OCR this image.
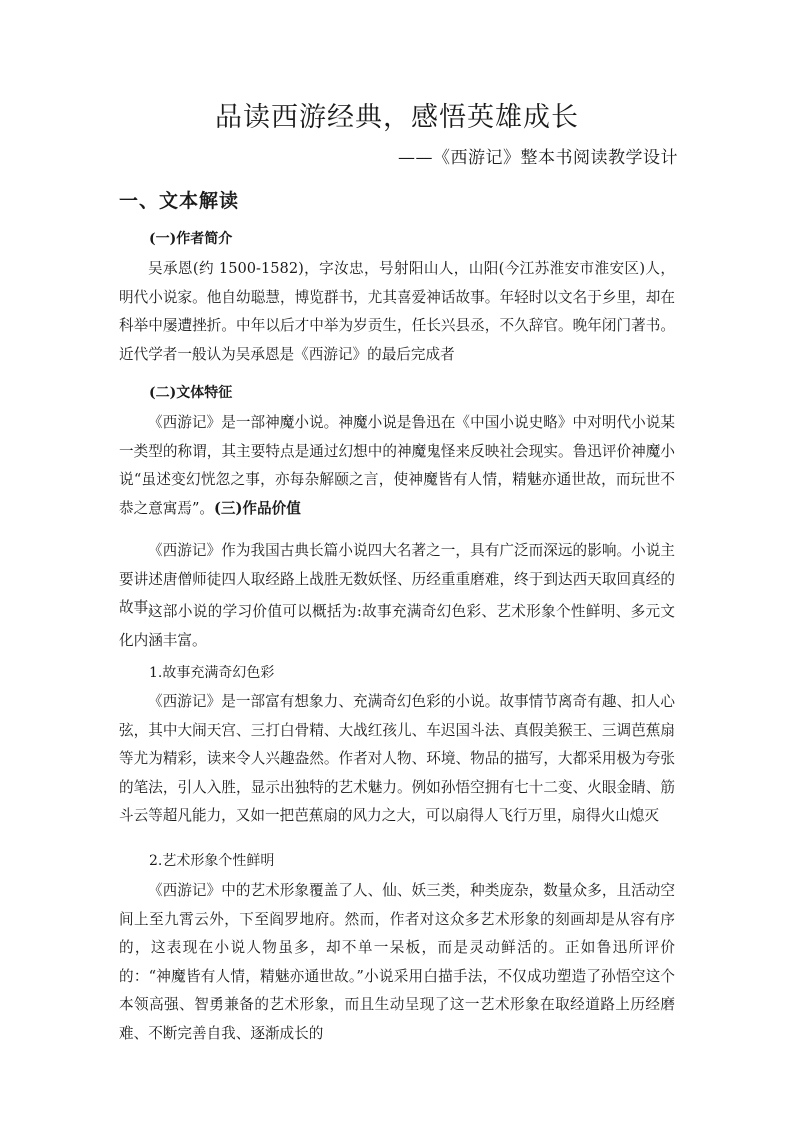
品读西游经典，感悟英雄成长

——《西游记》整本书阅读教学设计

一、文本解读

(一)作者简介

吴承恩(约 1500-1582)，字汝忠，号射阳山人，山阳(今江苏淮安市淮安区)人，明代小说家。他自幼聪慧，博览群书，尤其喜爱神话故事。年轻时以文名于乡里，却在科举中屡遭挫折。中年以后才中举为岁贡生，任长兴县丞，不久辞官。晚年闭门著书。近代学者一般认为吴承恩是《西游记》的最后完成者

(二)文体特征

《西游记》是一部神魔小说。神魔小说是鲁迅在《中国小说史略》中对明代小说某一类型的称谓，其主要特点是通过幻想中的神魔鬼怪来反映社会现实。鲁迅评价神魔小说“虽述变幻恍忽之事，亦每杂解颐之言，使神魔皆有人情，精魅亦通世故，而玩世不恭之意寓焉”。(三)作品价值

《西游记》作为我国古典长篇小说四大名著之一，具有广泛而深远的影响。小说主要讲述唐僧师徒四人取经路上战胜无数妖怪、历经重重磨难，终于到达西天取回真经的故事。

这部小说的学习价值可以概括为:故事充满奇幻色彩、艺术形象个性鲜明、多元文化内涵丰富。

1.故事充满奇幻色彩

《西游记》是一部富有想象力、充满奇幻色彩的小说。故事情节离奇有趣、扣人心弦，其中大闹天宫、三打白骨精、大战红孩儿、车迟国斗法、真假美猴王、三调芭蕉扇等尤为精彩，读来令人兴趣盎然。作者对人物、环境、物品的描写，大都采用极为夸张的笔法，引人入胜，显示出独特的艺术魅力。例如孙悟空拥有七十二变、火眼金睛、筋斗云等超凡能力，又如一把芭蕉扇的风力之大，可以扇得人飞行万里，扇得火山熄灭

2.艺术形象个性鲜明

《西游记》中的艺术形象覆盖了人、仙、妖三类，种类庞杂，数量众多，且活动空间上至九霄云外，下至阎罗地府。然而，作者对这众多艺术形象的刻画却是从容有序的，这表现在小说人物虽多，却不单一呆板，而是灵动鲜活的。正如鲁迅所评价的：“神魔皆有人情，精魅亦通世故。”小说采用白描手法，不仅成功塑造了孙悟空这个本领高强、智勇兼备的艺术形象，而且生动呈现了这一艺术形象在取经道路上历经磨难、不断完善自我、逐渐成长的
